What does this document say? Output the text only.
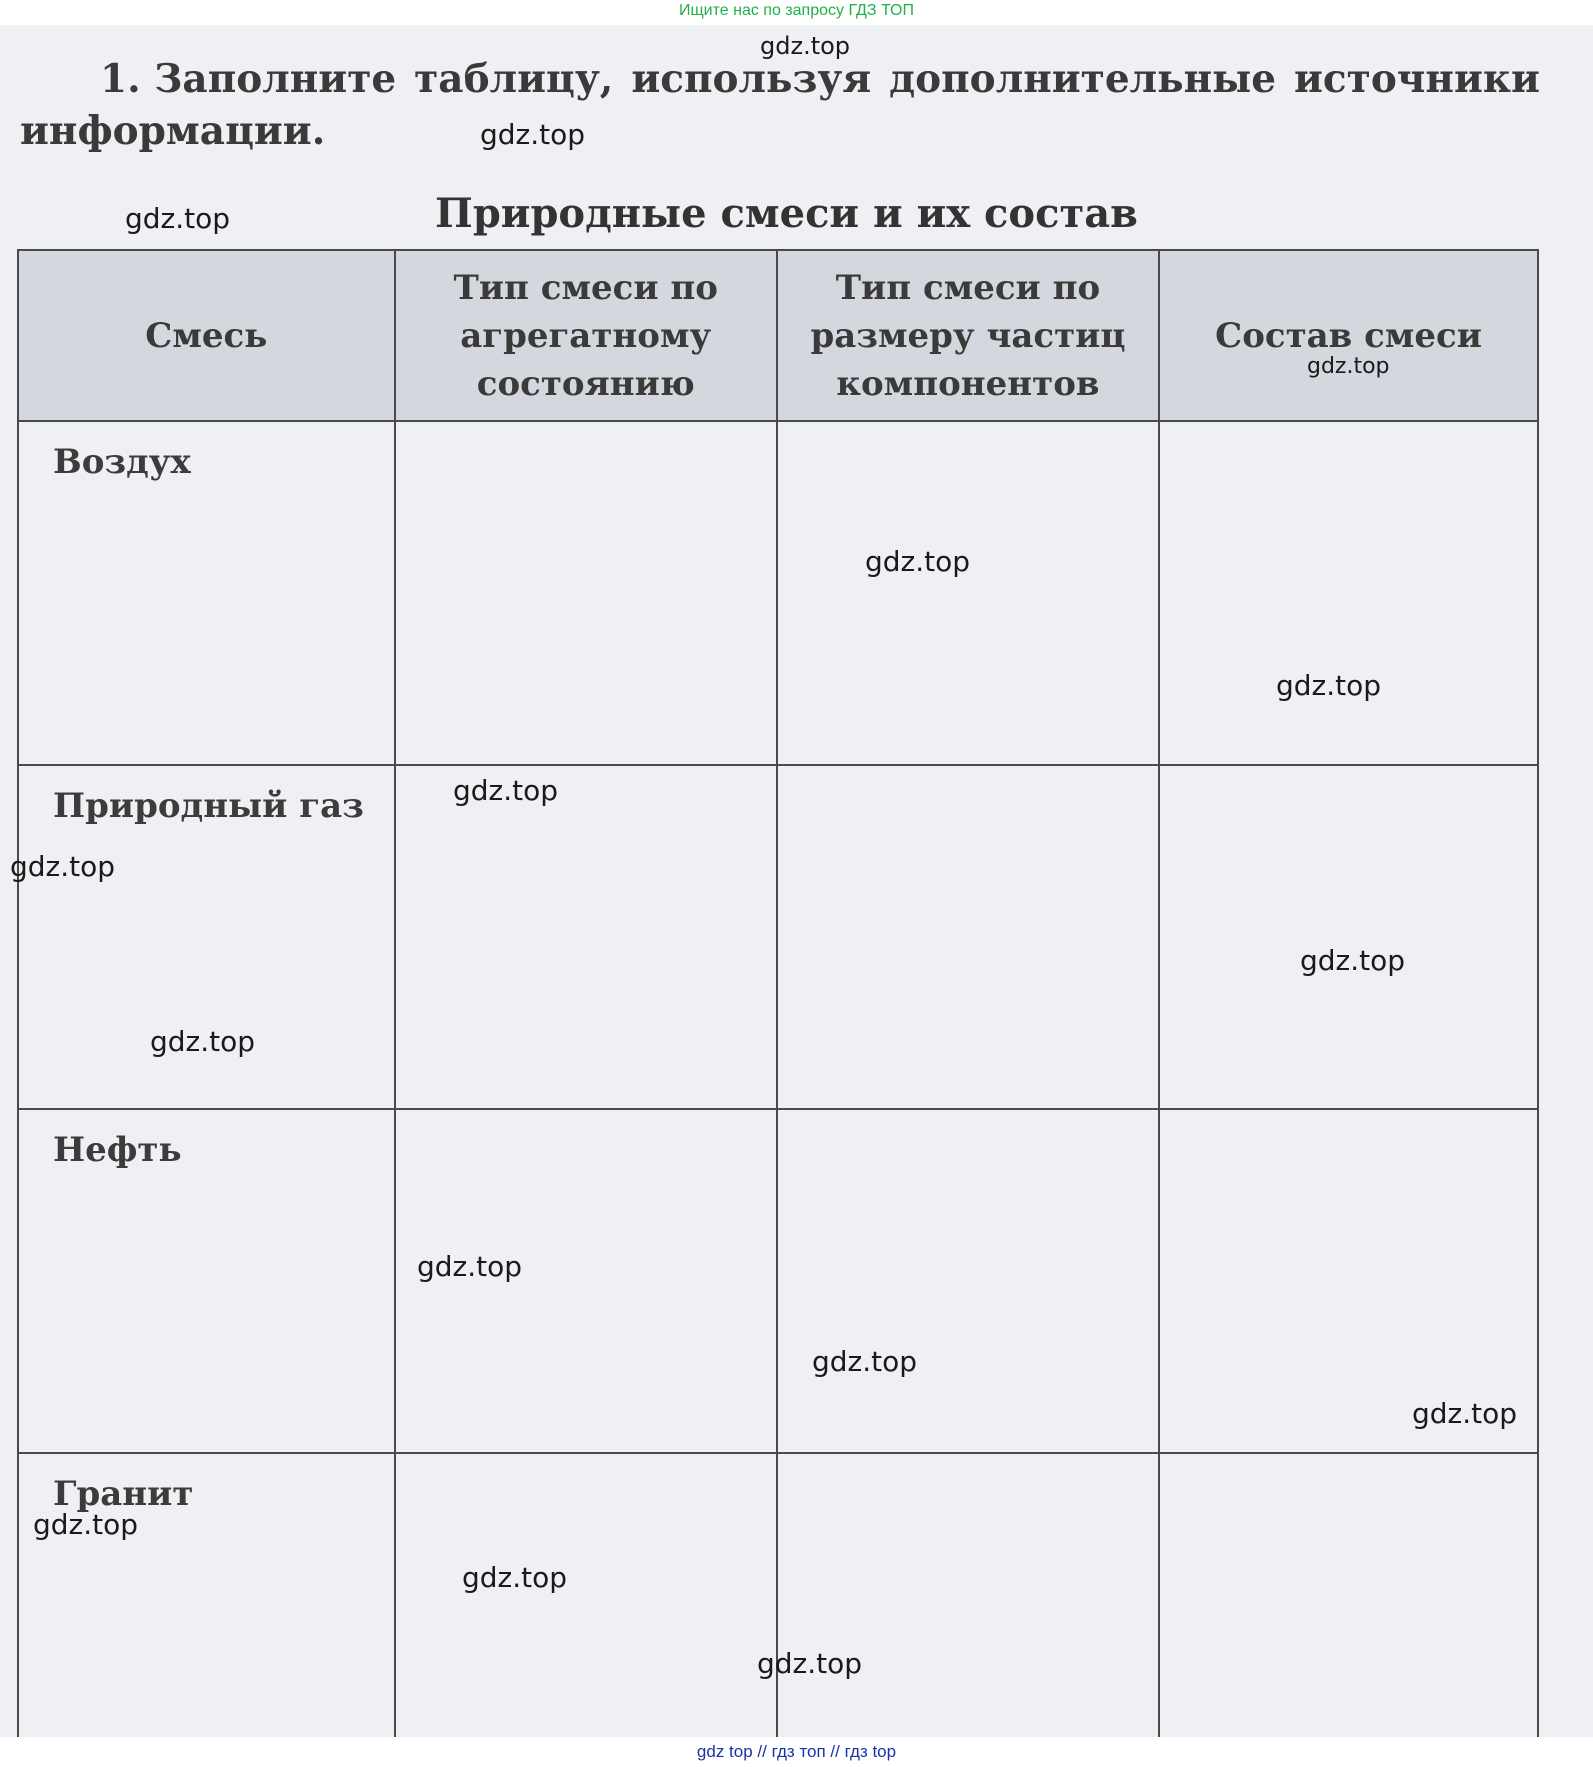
Ищите нас по запросу ГДЗ ТОП
1. Заполните таблицу, используя дополнительные источники
информации.
Природные смеси и их состав
Смесь	Тип смеси по агрегатному состоянию	Тип смеси по размеру частиц компонентов	Состав смеси
Воздух			
Природный газ			
Нефть			
Гранит			
gdz.top
gdz.top
gdz.top
gdz.top
gdz.top
gdz.top
gdz.top
gdz.top
gdz.top
gdz.top
gdz.top
gdz.top
gdz.top
gdz.top
gdz.top
gdz.top
gdz top // гдз топ // гдз top
